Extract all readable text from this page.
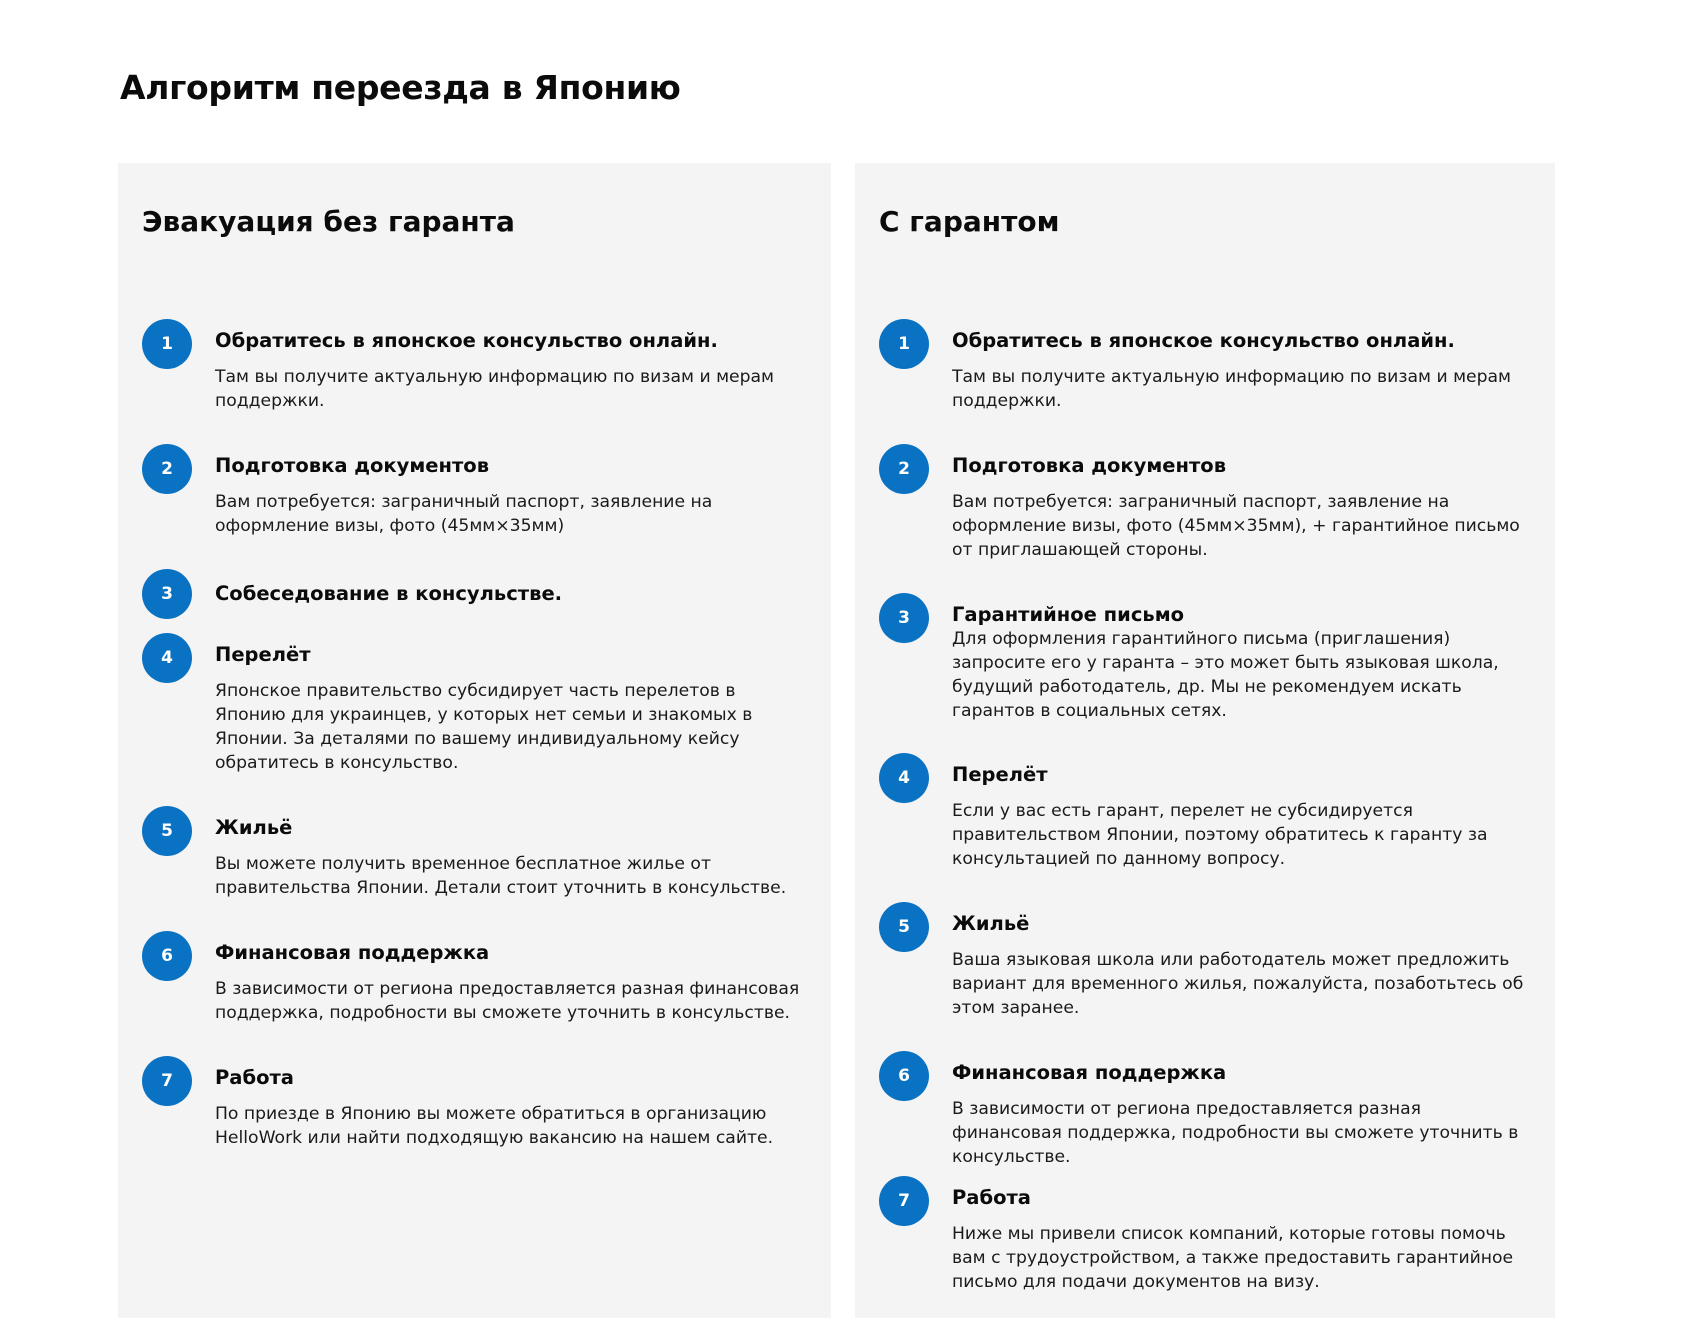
Алгоритм переезда в Японию
Эвакуация без гаранта
1	Обратитесь в японское консульство онлайн.
Там вы получите актуальную информацию по визам и мерам поддержки.
2	Подготовка документов
Вам потребуется: заграничный паспорт, заявление на оформление визы, фото (45мм×35мм)
3	Собеседование в консульстве.
4	Перелёт
Японское правительство субсидирует часть перелетов в Японию для украинцев, у которых нет семьи и знакомых в Японии. За деталями по вашему индивидуальному кейсу обратитесь в консульство.
5	Жильё
Вы можете получить временное бесплатное жилье от правительства Японии. Детали стоит уточнить в консульстве.
6	Финансовая поддержка
В зависимости от региона предоставляется разная финансовая поддержка, подробности вы сможете уточнить в консульстве.
7	Работа
По приезде в Японию вы можете обратиться в организацию HelloWork или найти подходящую вакансию на нашем сайте.
С гарантом
1	Обратитесь в японское консульство онлайн.
Там вы получите актуальную информацию по визам и мерам поддержки.
2	Подготовка документов
Вам потребуется: заграничный паспорт, заявление на оформление визы, фото (45мм×35мм), + гарантийное письмо от приглашающей стороны.
3	Гарантийное письмо
Для оформления гарантийного письма (приглашения) запросите его у гаранта – это может быть языковая школа, будущий работодатель, др. Мы не рекомендуем искать гарантов в социальных сетях.
4	Перелёт
Если у вас есть гарант, перелет не субсидируется правительством Японии, поэтому обратитесь к гаранту за консультацией по данному вопросу.
5	Жильё
Ваша языковая школа или работодатель может предложить вариант для временного жилья, пожалуйста, позаботьтесь об этом заранее.
6	Финансовая поддержка
В зависимости от региона предоставляется разная финансовая поддержка, подробности вы сможете уточнить в консульстве.
7	Работа
Ниже мы привели список компаний, которые готовы помочь вам с трудоустройством, а также предоставить гарантийное письмо для подачи документов на визу.
